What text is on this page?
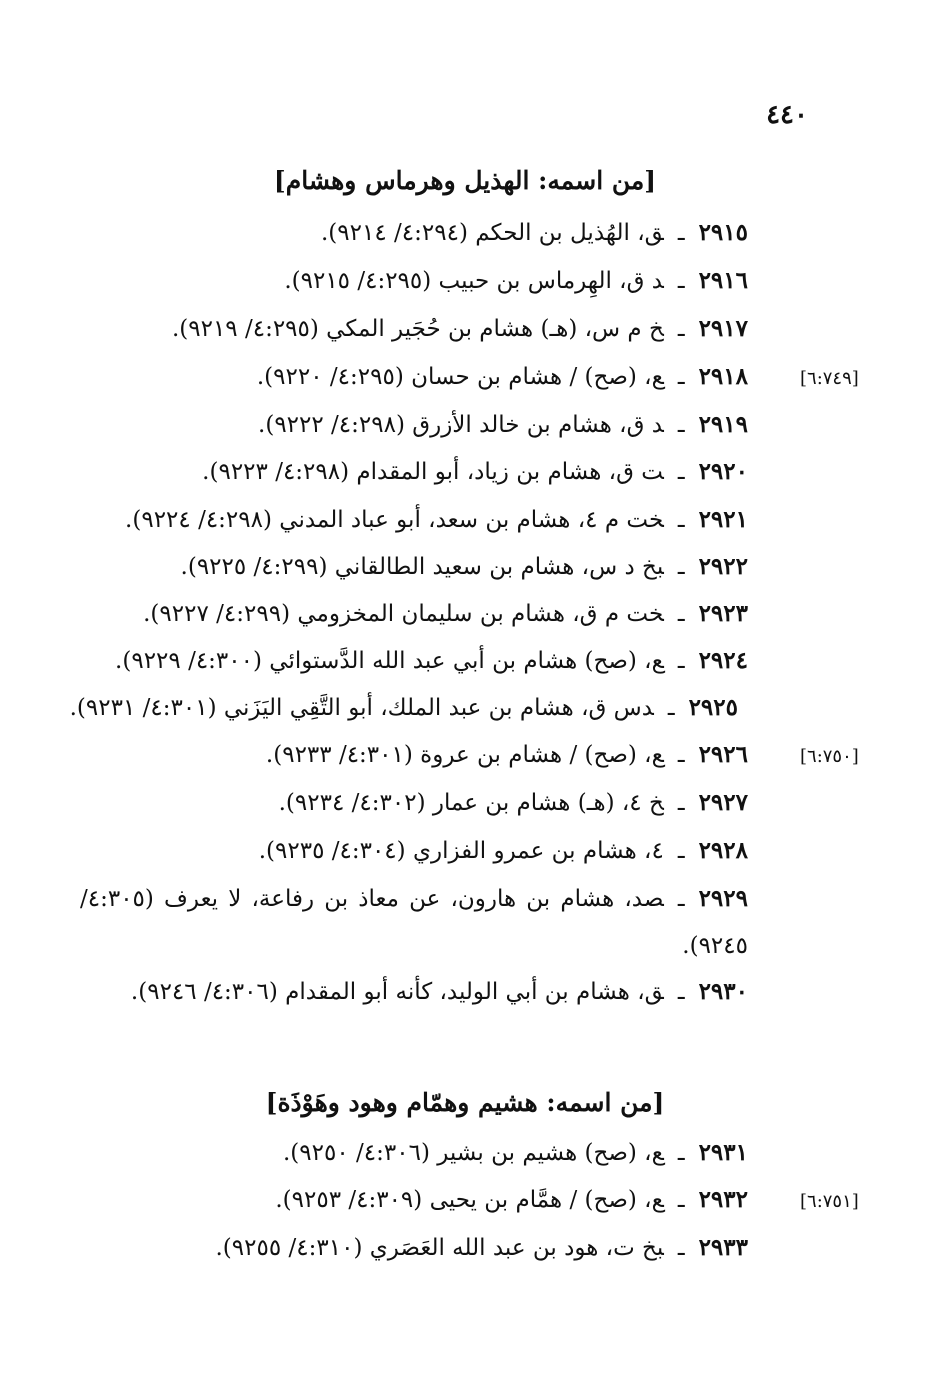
٤٤٠
[من اسمه: الهذيل وهرماس وهشام]
٢٩١٥ـق، الهُذيل بن الحكم (٤:٢٩٤/ ٩٢١٤).
٢٩١٦ـد ق، الهِرماس بن حبيب (٤:٢٩٥/ ٩٢١٥).
٢٩١٧ـخ م س، (هـ) هشام بن حُجَير المكي (٤:٢٩٥/ ٩٢١٩).
٢٩١٨ـع، (صح) / هشام بن حسان (٤:٢٩٥/ ٩٢٢٠).	[٦:٧٤٩]
٢٩١٩ـد ق، هشام بن خالد الأزرق (٤:٢٩٨/ ٩٢٢٢).
٢٩٢٠ـت ق، هشام بن زياد، أبو المقدام (٤:٢٩٨/ ٩٢٢٣).
٢٩٢١ـخت م ٤، هشام بن سعد، أبو عباد المدني (٤:٢٩٨/ ٩٢٢٤).
٢٩٢٢ـبخ د س، هشام بن سعيد الطالقاني (٤:٢٩٩/ ٩٢٢٥).
٢٩٢٣ـخت م ق، هشام بن سليمان المخزومي (٤:٢٩٩/ ٩٢٢٧).
٢٩٢٤ـع، (صح) هشام بن أبي عبد الله الدَّستوائي (٤:٣٠٠/ ٩٢٢٩).
٢٩٢٥ـدس ق، هشام بن عبد الملك، أبو التَّقِي اليَزَني (٤:٣٠١/ ٩٢٣١).
٢٩٢٦ـع، (صح) / هشام بن عروة (٤:٣٠١/ ٩٢٣٣).	[٦:٧٥٠]
٢٩٢٧ـخ ٤، (هـ) هشام بن عمار (٤:٣٠٢/ ٩٢٣٤).
٢٩٢٨ـ٤، هشام بن عمرو الفزاري (٤:٣٠٤/ ٩٢٣٥).
٢٩٢٩ـصد، هشام بن هارون، عن معاذ بن رفاعة، لا يعرف (٤:٣٠٥/ ٩٢٤٥).
٢٩٣٠ـق، هشام بن أبي الوليد، كأنه أبو المقدام (٤:٣٠٦/ ٩٢٤٦).
[من اسمه: هشيم وهمّام وهود وهَوْذَة]
٢٩٣١ـع، (صح) هشيم بن بشير (٤:٣٠٦/ ٩٢٥٠).
٢٩٣٢ـع، (صح) / همَّام بن يحيى (٤:٣٠٩/ ٩٢٥٣).	[٦:٧٥١]
٢٩٣٣ـبخ ت، هود بن عبد الله العَصَري (٤:٣١٠/ ٩٢٥٥).
